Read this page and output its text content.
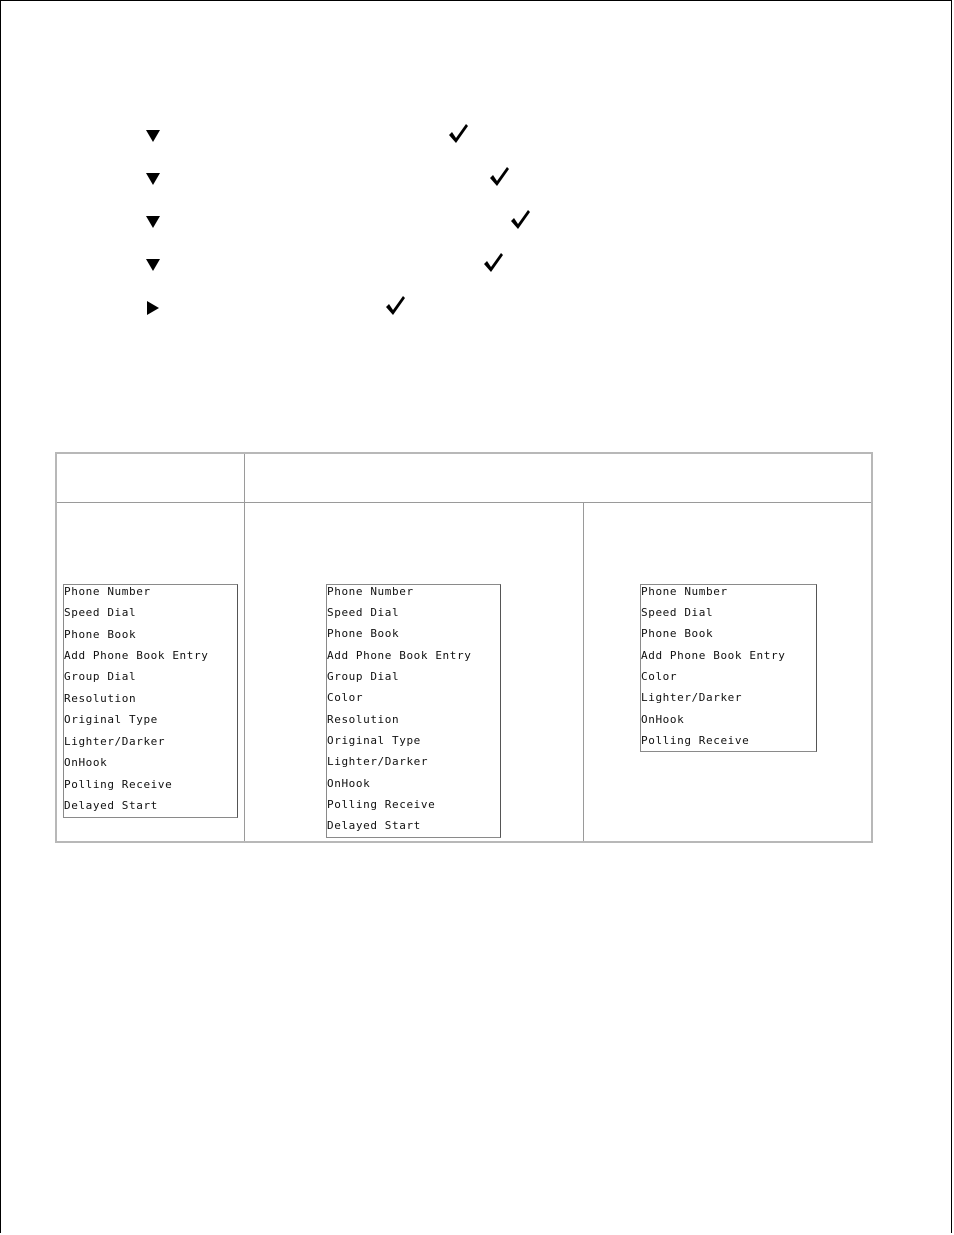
Phone Number
Speed Dial
Phone Book
Add Phone Book Entry
Group Dial
Resolution
Original Type
Lighter/Darker
OnHook
Polling Receive
Delayed Start
Phone Number
Speed Dial
Phone Book
Add Phone Book Entry
Group Dial
Color
Resolution
Original Type
Lighter/Darker
OnHook
Polling Receive
Delayed Start
Phone Number
Speed Dial
Phone Book
Add Phone Book Entry
Color
Lighter/Darker
OnHook
Polling Receive
